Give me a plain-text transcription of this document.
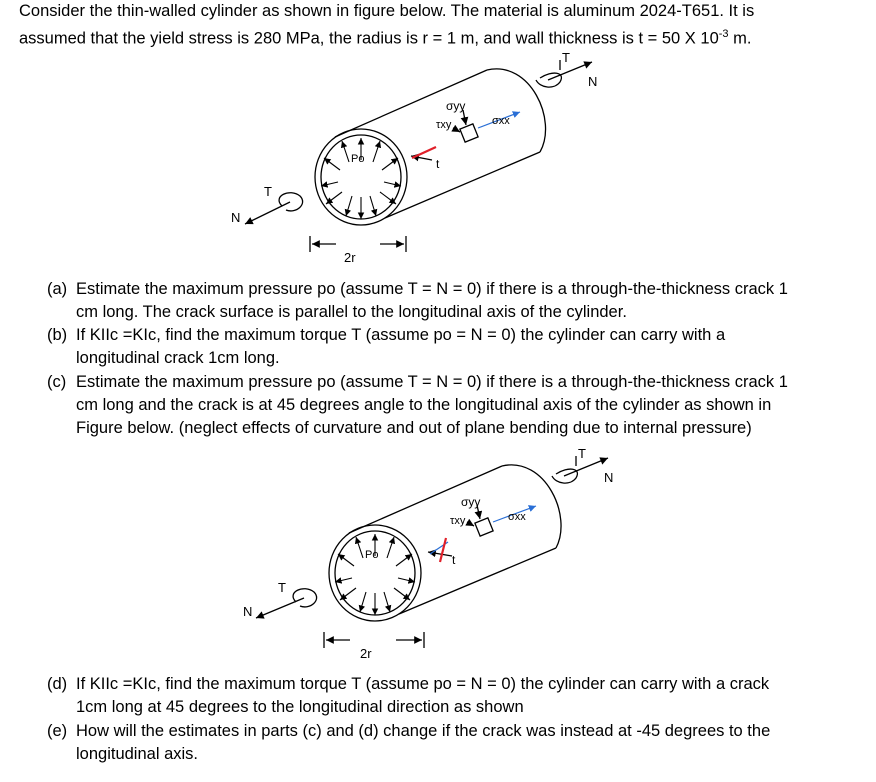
Consider the thin-walled cylinder as shown in figure below. The material is aluminum 2024-T651. It is
assumed that the yield stress is 280 MPa, the radius is r = 1 m, and wall thickness is t = 50 X $10^{-3}$ m.
T
N
T
N
Po	t
σyy
τxy	σxx
2r
(a) Estimate the maximum pressure po (assume T = N = 0) if there is a through-the-thickness crack 1
cm long. The crack surface is parallel to the longitudinal axis of the cylinder.
(b) If KIIc =KIc, find the maximum torque T (assume po = N = 0) the cylinder can carry with a
longitudinal crack 1cm long.
(c) Estimate the maximum pressure po (assume T = N = 0) if there is a through-the-thickness crack 1
cm long and the crack is at 45 degrees angle to the longitudinal axis of the cylinder as shown in
Figure below. (neglect effects of curvature and out of plane bending due to internal pressure)
T
N
T
N
Po	t
σyy
τxy	σxx
2r
(d) If KIIc =KIc, find the maximum torque T (assume po = N = 0) the cylinder can carry with a crack
1cm long at 45 degrees to the longitudinal direction as shown
(e) How will the estimates in parts (c) and (d) change if the crack was instead at -45 degrees to the
longitudinal axis.
